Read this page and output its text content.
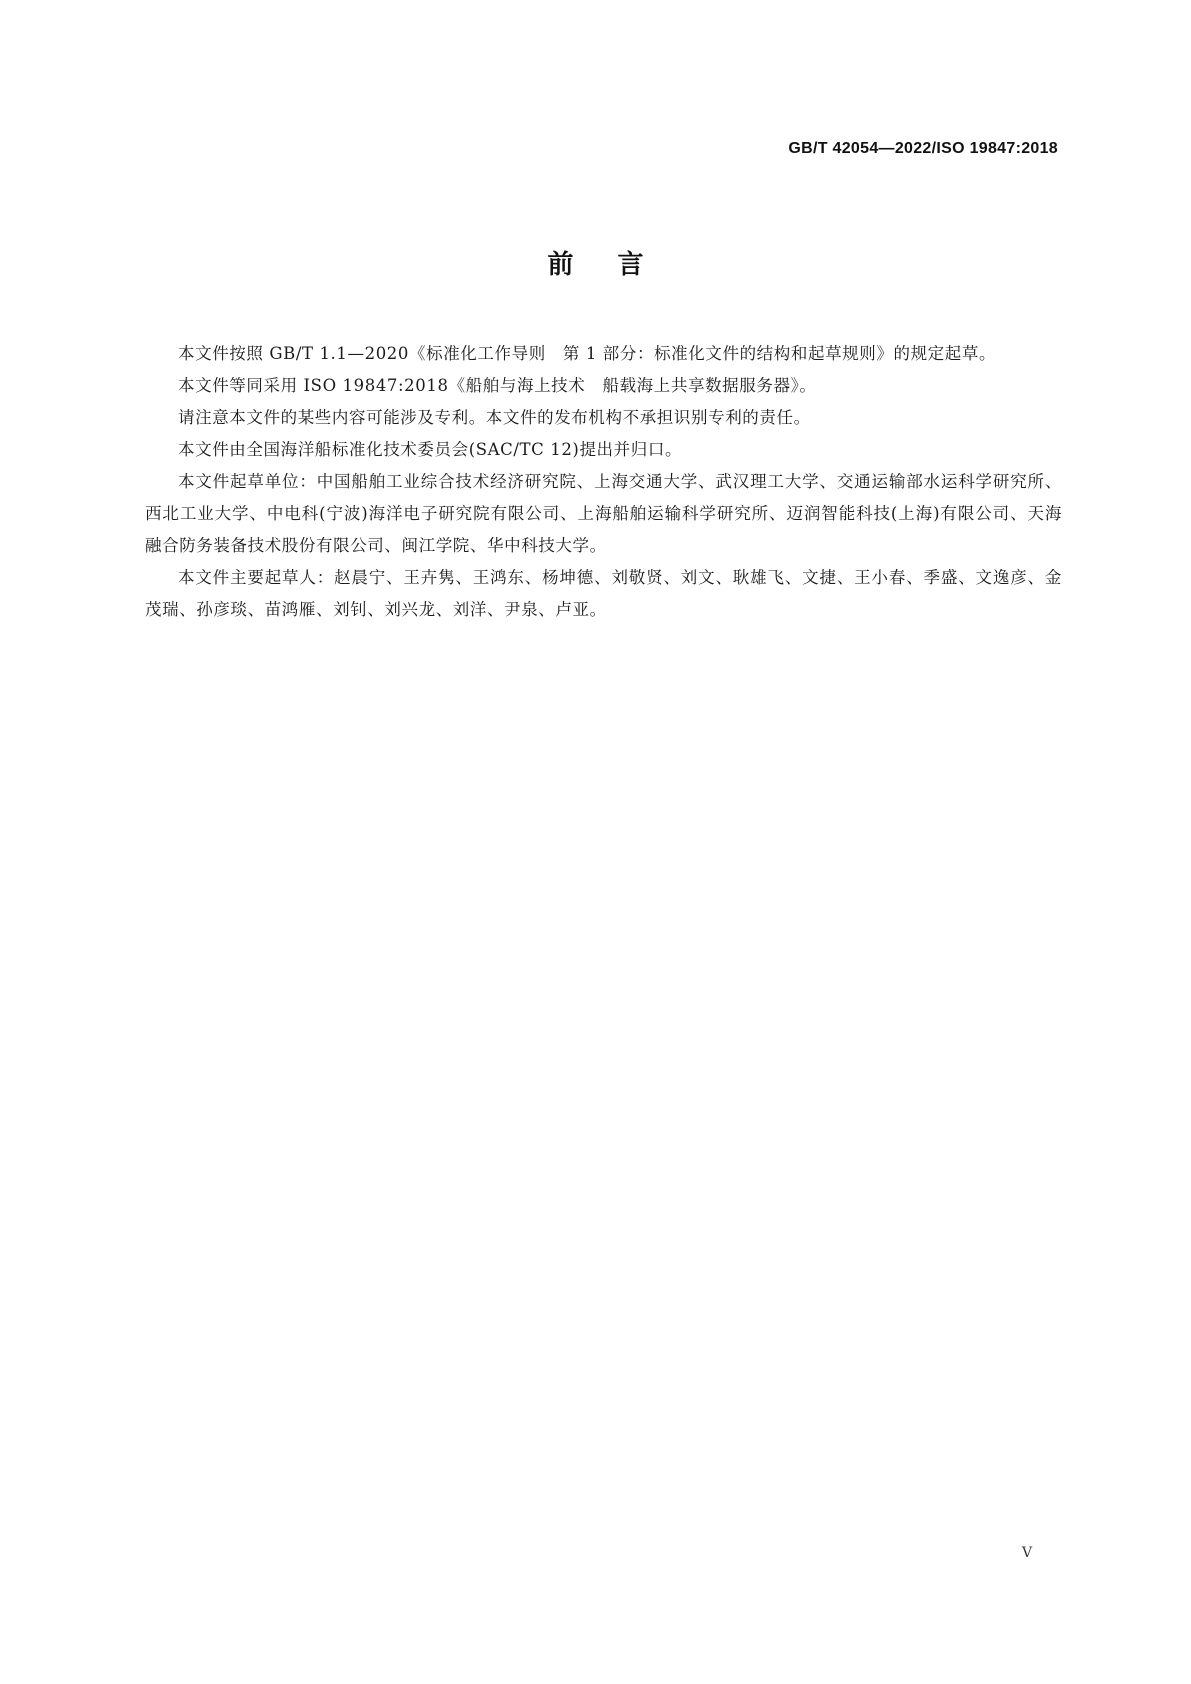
GB/T 42054—2022/ISO 19847:2018
前言

本文件按照 GB/T 1.1—2020《标准化工作导则　第 1 部分：标准化文件的结构和起草规则》的规定起草。

本文件等同采用 ISO 19847:2018《船舶与海上技术　船载海上共享数据服务器》。

请注意本文件的某些内容可能涉及专利。本文件的发布机构不承担识别专利的责任。

本文件由全国海洋船标准化技术委员会(SAC/TC 12)提出并归口。

本文件起草单位：中国船舶工业综合技术经济研究院、上海交通大学、武汉理工大学、交通运输部水运科学研究所、西北工业大学、中电科(宁波)海洋电子研究院有限公司、上海船舶运输科学研究所、迈润智能科技(上海)有限公司、天海融合防务装备技术股份有限公司、闽江学院、华中科技大学。

本文件主要起草人：赵晨宁、王卉隽、王鸿东、杨坤德、刘敬贤、刘文、耿雄飞、文捷、王小春、季盛、文逸彦、金茂瑞、孙彦琰、苗鸿雁、刘钊、刘兴龙、刘洋、尹泉、卢亚。

V
